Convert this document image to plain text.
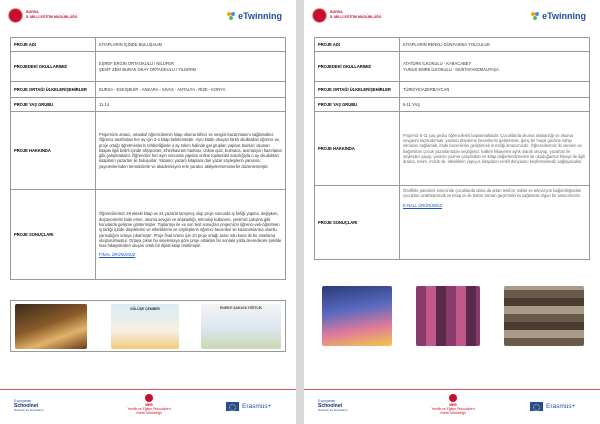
BURSA
İL MİLLİ EĞİTİM MÜDÜRLÜĞÜ	eTwinning
PROJE ADI	KİTAPLARIN İÇİNDE BULUŞALIM
PROJEDEKİ OKULLARIMIZ	EŞREF ERGİN ORTAOKULU / NİLÜFER
ŞEHİT ZEKİ BURAK OKAY ORTAOKULU / YILDIRIM
PROJE ORTAĞI ÜLKELER/ŞEHİRLER	BURSA - ESKİŞEHİR - ANKARA - SİVAS - ANTALYA - RİZE - KONYA
PROJE YAŞ GRUBU	11-14
PROJE HAKKINDA	Projemizin amacı, ortaokul öğrencilerinin kitap okuma bilinci ve sevgisi kazanmasını sağlamaktır. Öğrenci tarafından her ay için 3-4 kitap belirlenmiştir. Aynı kitabı okuyan farklı okullardan öğrenci ve, proje ortağı öğretmenlerin rehberliğinde o ay tokım halinde gal grupları yapılar. Bunlar; okunan kitapla ilgili belirli içinde afiş/poster, zihin/kavram haritası, online quiz, bulmaca, animasyon hazırlama gibi çalışmalardır. Öğrenciler her ayın sonunda yapılan online toplantılar aracılığıyla o ay okudukları kitapların yazarları ile buluşurlar. Yabancı yazarlı kitaplara dair yazar söyleşilerin yanısıra, yayınevlerinden temsilcilerle ve akademisyen erle yaratıcı atölyeler/seminerler düzenlenmiştir.
PROJE SONUÇLARI	Öğrencilerimiz 29 ekteki kitap ve 21 yazarla tanışmış olup proje sonunda iş birliği yapma, değişken, düşüncelerini fade etme, okuma sevgisi ve alışkanlığı, teknoloji kullanımı, yenimizi çalışma gibi konularda gelişme göstermişler. Toplantıyı ile ve son test sonuçları projemizin öğrenci-veli-öğretmen iş birliği içinde düşüklerini ve etkinliklerin ve söyleşilerin öğrenci becerileri ve kazanımlarına olumlu yansıdığını ortaya çıkarmıştır. Proje final ürünü için 10 proje ortağı arası ndu kuna ile bir sinelama oluşturulmuştur. Ortaya çıkan bu sinelemaya göre proje ortakları bir sonraki yılda devredecek şekilde kısa hikayelerden oluşan ortak bir dijital kitap üretilmiştir.
FİNAL ÜRÜNÜMÜZ
GÜLÜŞE ÇEMBER	ENERJİ ŞAKAYA YİĞİTLİK
European
Schoolnet
Network for Education
MEB
Yenilik ve Eğitim Teknolojileri
Genel Müdürlüğü
Erasmus+
BURSA
İL MİLLİ EĞİTİM MÜDÜRLÜĞÜ	eTwinning
PROJE ADI	KİTAPLARIN RENKLİ DÜNYASINA YOLCULUK
PROJEDEKİ OKULLARIMIZ	ATATÜRK İLKOKULU - KARACABEY
YUNUS EMRE İLKOKULU - MUSTAFAKEMALPAŞA
PROJE ORTAĞI ÜLKELER/ŞEHİRLER	TÜRKİYE/AZERBAYCAN
PROJE YAŞ GRUBU	6-11 YAŞ
PROJE HAKKINDA	Projemiz 6-11 yaş grubu öğrencilerini kapsamaktadır. Çocuklarda okuma alışkanlığı ve okuma sevgisini kazandırmak, yaratıcı düşünme becerilerini geliştirmek, genç bir hayal gücüne sahip olmasını sağlamak, ifade becerilerini geliştirmek önceliği amacımızdır. Öğrencilerimiz iki senden ve bağımlıları çocuk yazarlarından seçtiğimiz, kaliteli hikayeleri aylık olarak okuyup, yazarları ile söyleşiler yapıp, yaratıcı yazma çalışmaları ve kitap değerlendirmeleri ile okuduğumuz hikaye ile ilgili drama, resim, müzik vb. etkinlikleri yapıyor, kitapların renkli dünyasını keşfetmektedir sağlayacaktır.
PROJE SONUÇLARI	Özellikle pandemi sürecinde çocuklarda daha da artan telefon, tablet ve televizyon bağımlılığından çocukları uzaklaştırmak ve kitap ve ile bütün zaman geçirmelerini sağlamak olgun bir amacımızdır.
E-NALL ÜRÜNÜMÜZ
European
Schoolnet
Network for Education
MEB
Yenilik ve Eğitim Teknolojileri
Genel Müdürlüğü
Erasmus+
